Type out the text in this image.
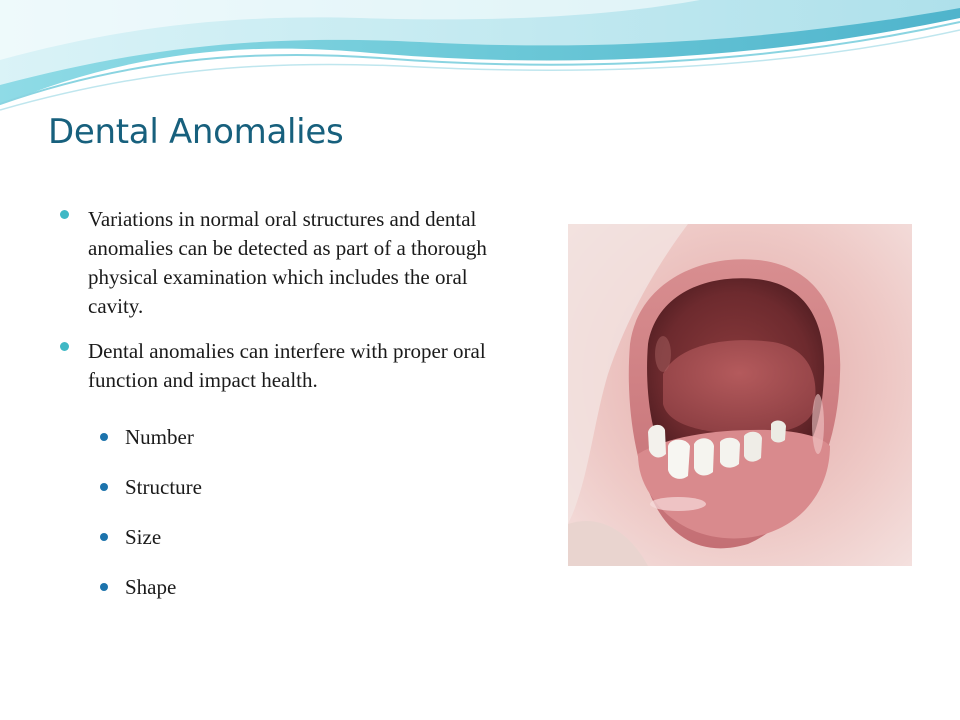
Dental Anomalies
Variations in normal oral structures and dental anomalies can be detected as part of a thorough physical examination which includes the oral cavity.
Dental anomalies can interfere with proper oral function and impact health.
Number
Structure
Size
Shape
